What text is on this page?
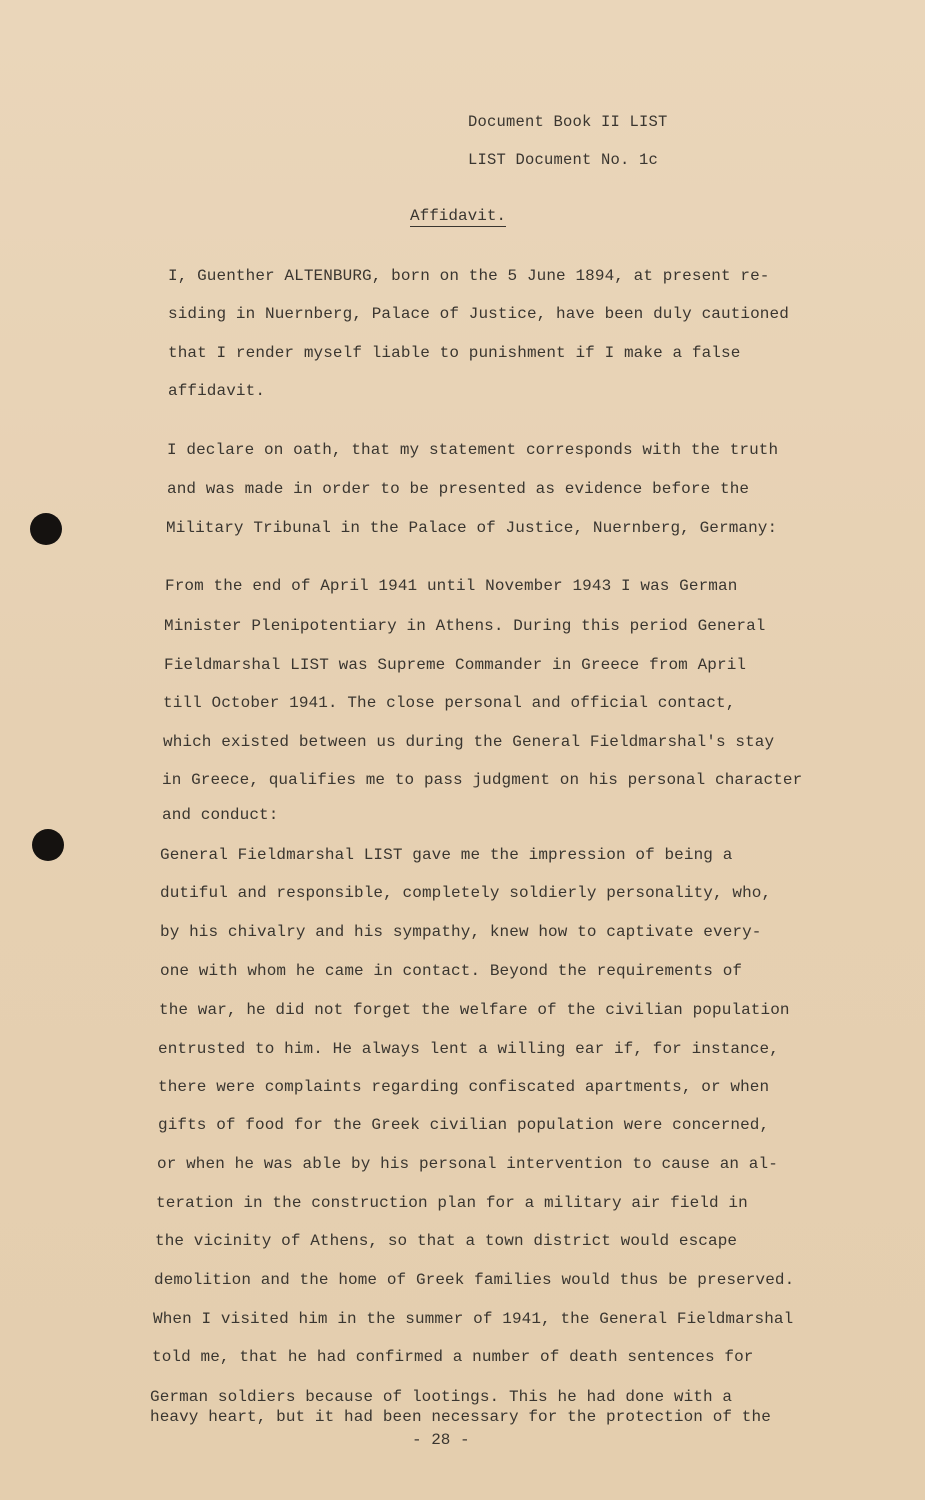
Document Book II LIST
LIST Document No. 1c
Affidavit.
I, Guenther ALTENBURG, born on the 5 June 1894, at present re-
siding in Nuernberg, Palace of Justice, have been duly cautioned
that I render myself liable to punishment if I make a false
affidavit.
I declare on oath, that my statement corresponds with the truth
and was made in order to be presented as evidence before the
Military Tribunal in the Palace of Justice, Nuernberg, Germany:
From the end of April 1941 until November 1943 I was German
Minister Plenipotentiary in Athens. During this period General
Fieldmarshal LIST was Supreme Commander in Greece from April
till October 1941. The close personal and official contact,
which existed between us during the General Fieldmarshal's stay
in Greece, qualifies me to pass judgment on his personal character
and conduct:
General Fieldmarshal LIST gave me the impression of being a
dutiful and responsible, completely soldierly personality, who,
by his chivalry and his sympathy, knew how to captivate every-
one with whom he came in contact. Beyond the requirements of
the war, he did not forget the welfare of the civilian population
entrusted to him. He always lent a willing ear if, for instance,
there were complaints regarding confiscated apartments, or when
gifts of food for the Greek civilian population were concerned,
or when he was able by his personal intervention to cause an al-
teration in the construction plan for a military air field in
the vicinity of Athens, so that a town district would escape
demolition and the home of Greek families would thus be preserved.
When I visited him in the summer of 1941, the General Fieldmarshal
told me, that he had confirmed a number of death sentences for
German soldiers because of lootings. This he had done with a
heavy heart, but it had been necessary for the protection of the
- 28 -
